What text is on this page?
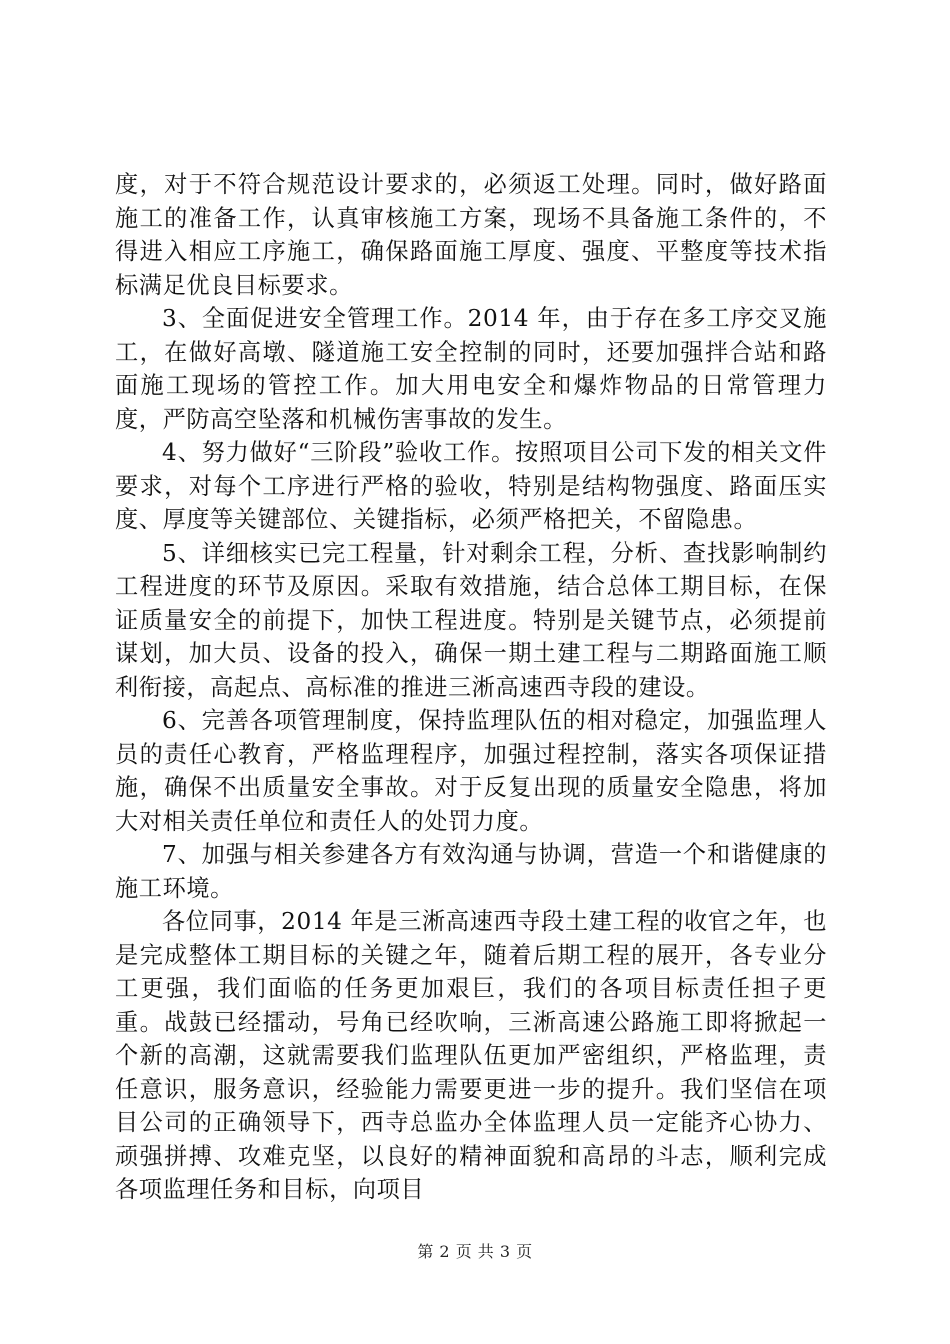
度，对于不符合规范设计要求的，必须返工处理。同时，做好路面施工的准备工作，认真审核施工方案，现场不具备施工条件的，不得进入相应工序施工，确保路面施工厚度、强度、平整度等技术指标满足优良目标要求。

3、全面促进安全管理工作。2014 年，由于存在多工序交叉施工，在做好高墩、隧道施工安全控制的同时，还要加强拌合站和路面施工现场的管控工作。加大用电安全和爆炸物品的日常管理力度，严防高空坠落和机械伤害事故的发生。

4、努力做好“三阶段”验收工作。按照项目公司下发的相关文件要求，对每个工序进行严格的验收，特别是结构物强度、路面压实度、厚度等关键部位、关键指标，必须严格把关，不留隐患。

5、详细核实已完工程量，针对剩余工程，分析、查找影响制约工程进度的环节及原因。采取有效措施，结合总体工期目标，在保证质量安全的前提下，加快工程进度。特别是关键节点，必须提前谋划，加大员、设备的投入，确保一期土建工程与二期路面施工顺利衔接，高起点、高标准的推进三淅高速西寺段的建设。

6、完善各项管理制度，保持监理队伍的相对稳定，加强监理人员的责任心教育，严格监理程序，加强过程控制，落实各项保证措施，确保不出质量安全事故。对于反复出现的质量安全隐患，将加大对相关责任单位和责任人的处罚力度。

7、加强与相关参建各方有效沟通与协调，营造一个和谐健康的施工环境。

各位同事，2014 年是三淅高速西寺段土建工程的收官之年，也是完成整体工期目标的关键之年，随着后期工程的展开，各专业分工更强，我们面临的任务更加艰巨，我们的各项目标责任担子更重。战鼓已经擂动，号角已经吹响，三淅高速公路施工即将掀起一个新的高潮，这就需要我们监理队伍更加严密组织，严格监理，责任意识，服务意识，经验能力需要更进一步的提升。我们坚信在项目公司的正确领导下，西寺总监办全体监理人员一定能齐心协力、顽强拼搏、攻难克坚，以良好的精神面貌和高昂的斗志，顺利完成各项监理任务和目标，向项目

第 2 页 共 3 页
